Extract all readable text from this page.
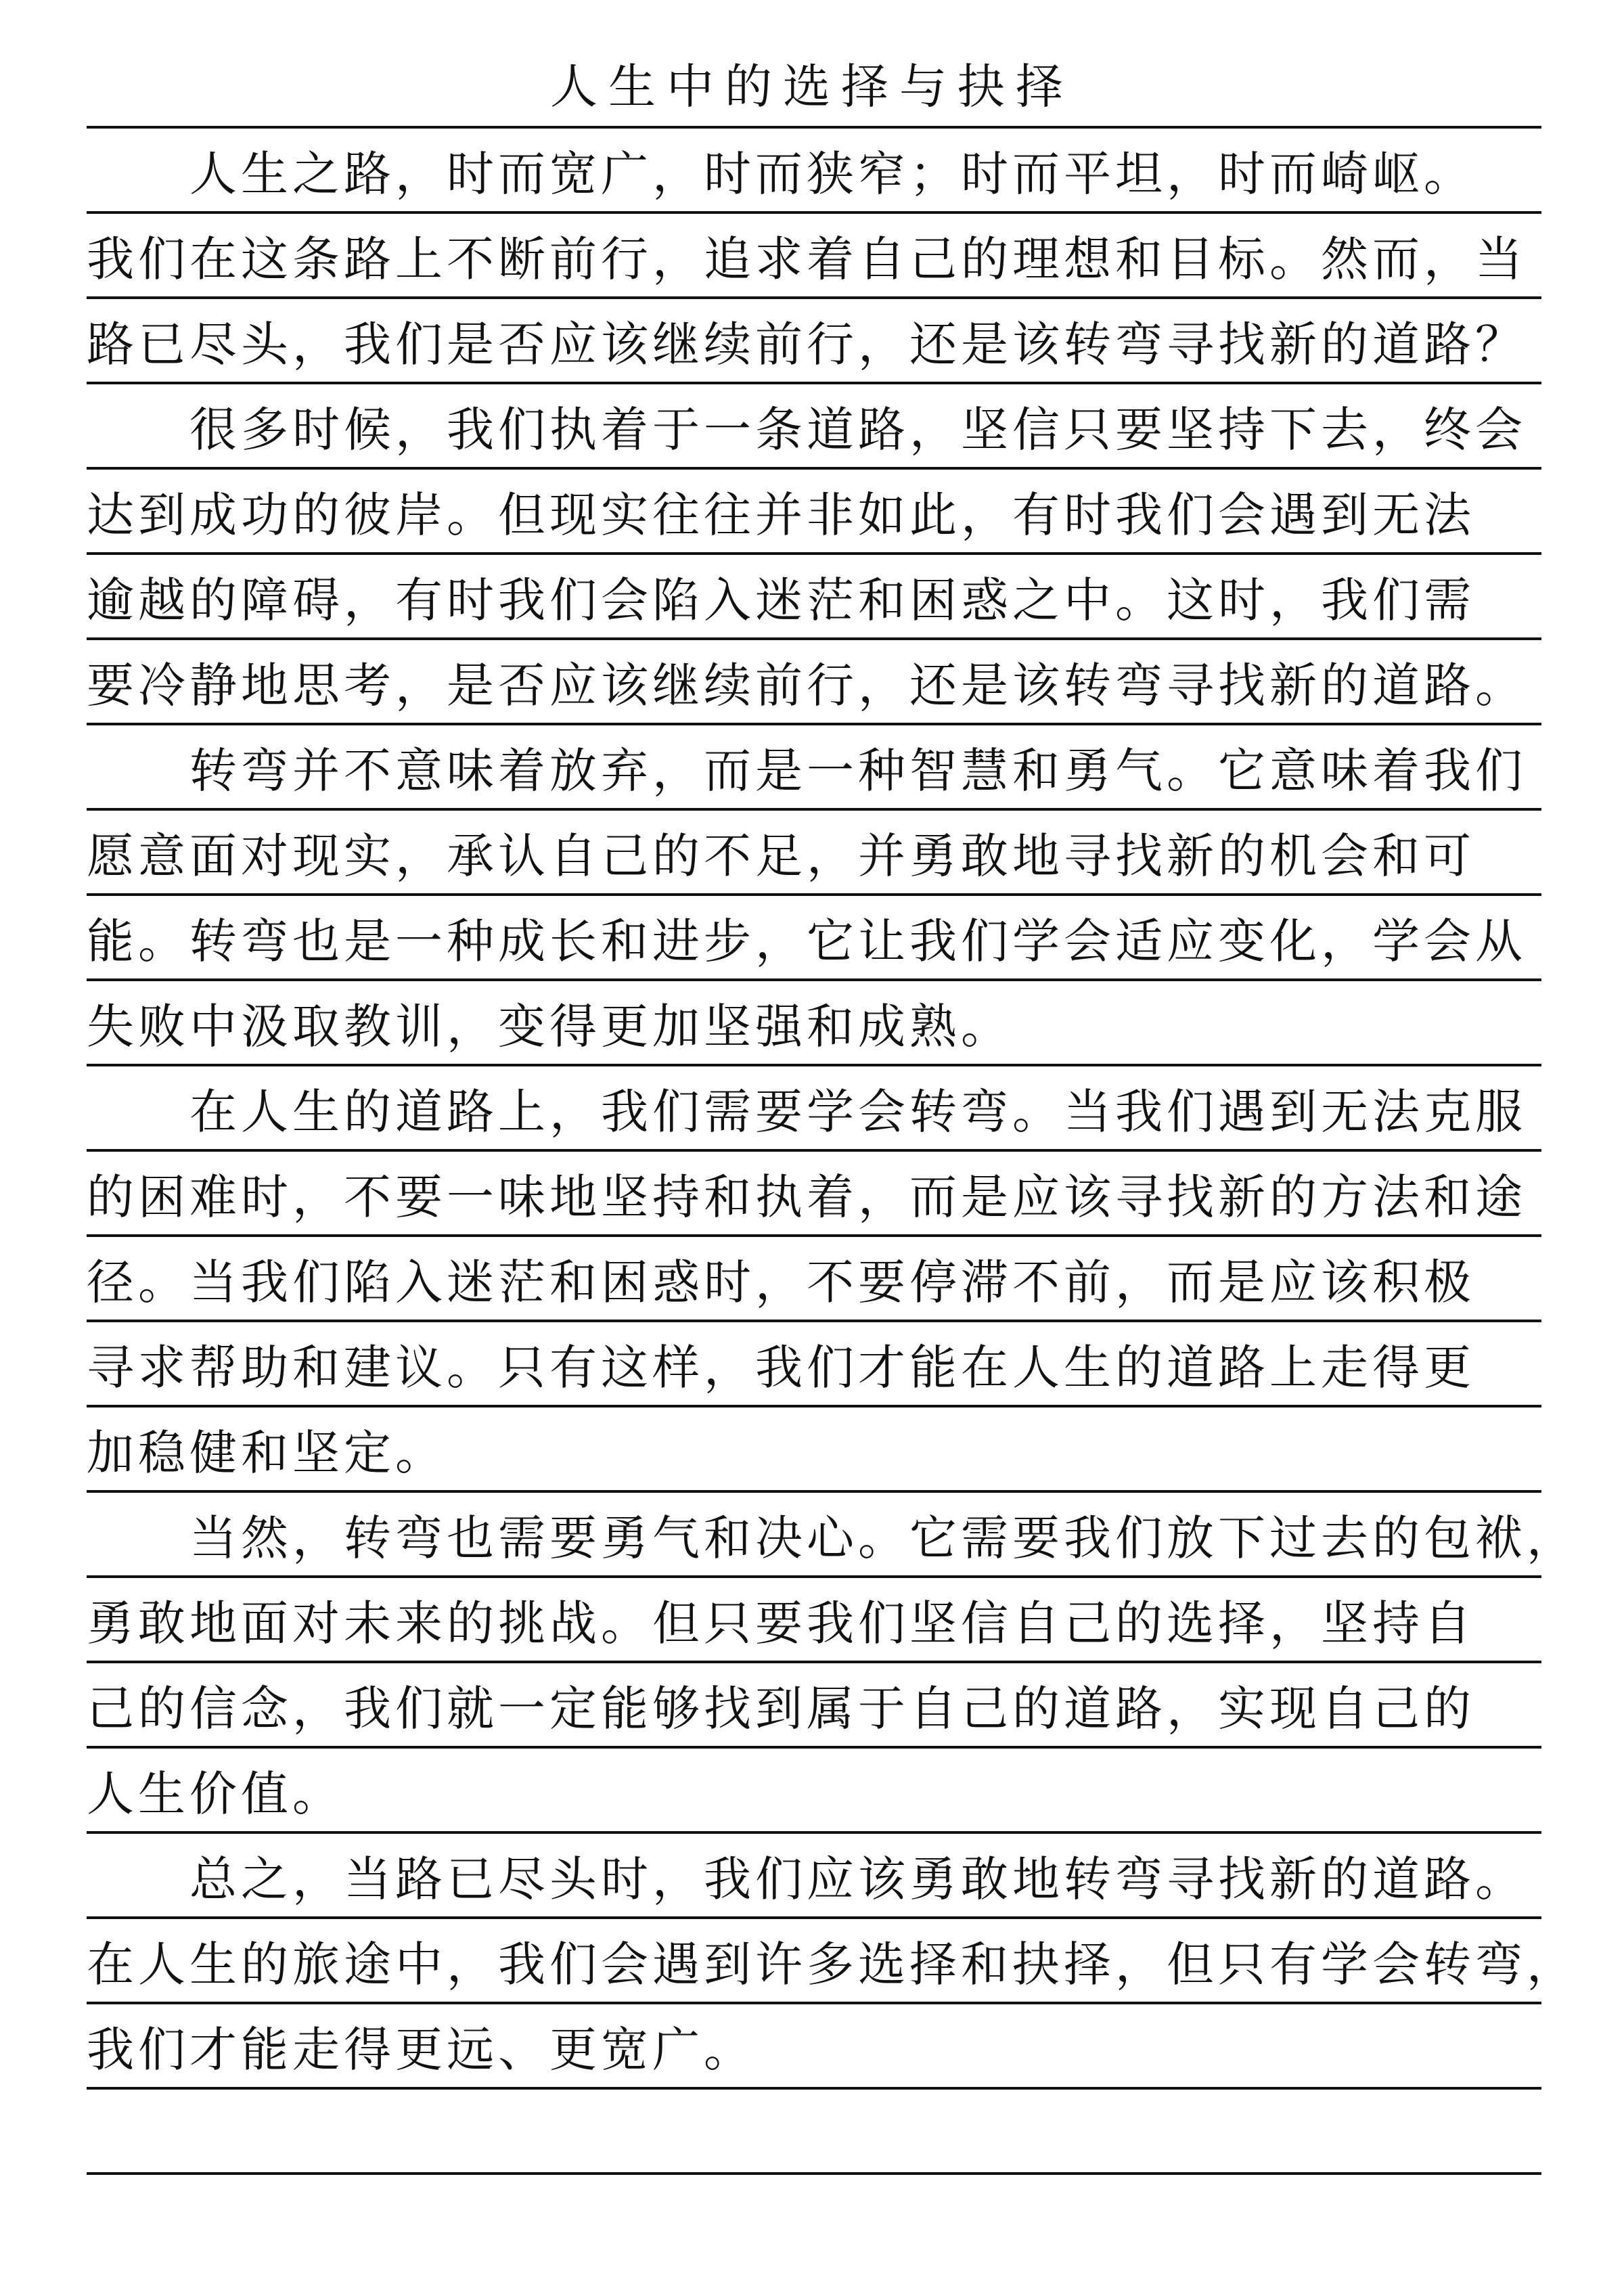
人生中的选择与抉择
人生之路，时而宽广，时而狭窄；时而平坦，时而崎岖。
我们在这条路上不断前行，追求着自己的理想和目标。然而，当
路已尽头，我们是否应该继续前行，还是该转弯寻找新的道路？
很多时候，我们执着于一条道路，坚信只要坚持下去，终会
达到成功的彼岸。但现实往往并非如此，有时我们会遇到无法
逾越的障碍，有时我们会陷入迷茫和困惑之中。这时，我们需
要冷静地思考，是否应该继续前行，还是该转弯寻找新的道路。
转弯并不意味着放弃，而是一种智慧和勇气。它意味着我们
愿意面对现实，承认自己的不足，并勇敢地寻找新的机会和可
能。转弯也是一种成长和进步，它让我们学会适应变化，学会从
失败中汲取教训，变得更加坚强和成熟。
在人生的道路上，我们需要学会转弯。当我们遇到无法克服
的困难时，不要一味地坚持和执着，而是应该寻找新的方法和途
径。当我们陷入迷茫和困惑时，不要停滞不前，而是应该积极
寻求帮助和建议。只有这样，我们才能在人生的道路上走得更
加稳健和坚定。
当然，转弯也需要勇气和决心。它需要我们放下过去的包袱，
勇敢地面对未来的挑战。但只要我们坚信自己的选择，坚持自
己的信念，我们就一定能够找到属于自己的道路，实现自己的
人生价值。
总之，当路已尽头时，我们应该勇敢地转弯寻找新的道路。
在人生的旅途中，我们会遇到许多选择和抉择，但只有学会转弯，
我们才能走得更远、更宽广。
